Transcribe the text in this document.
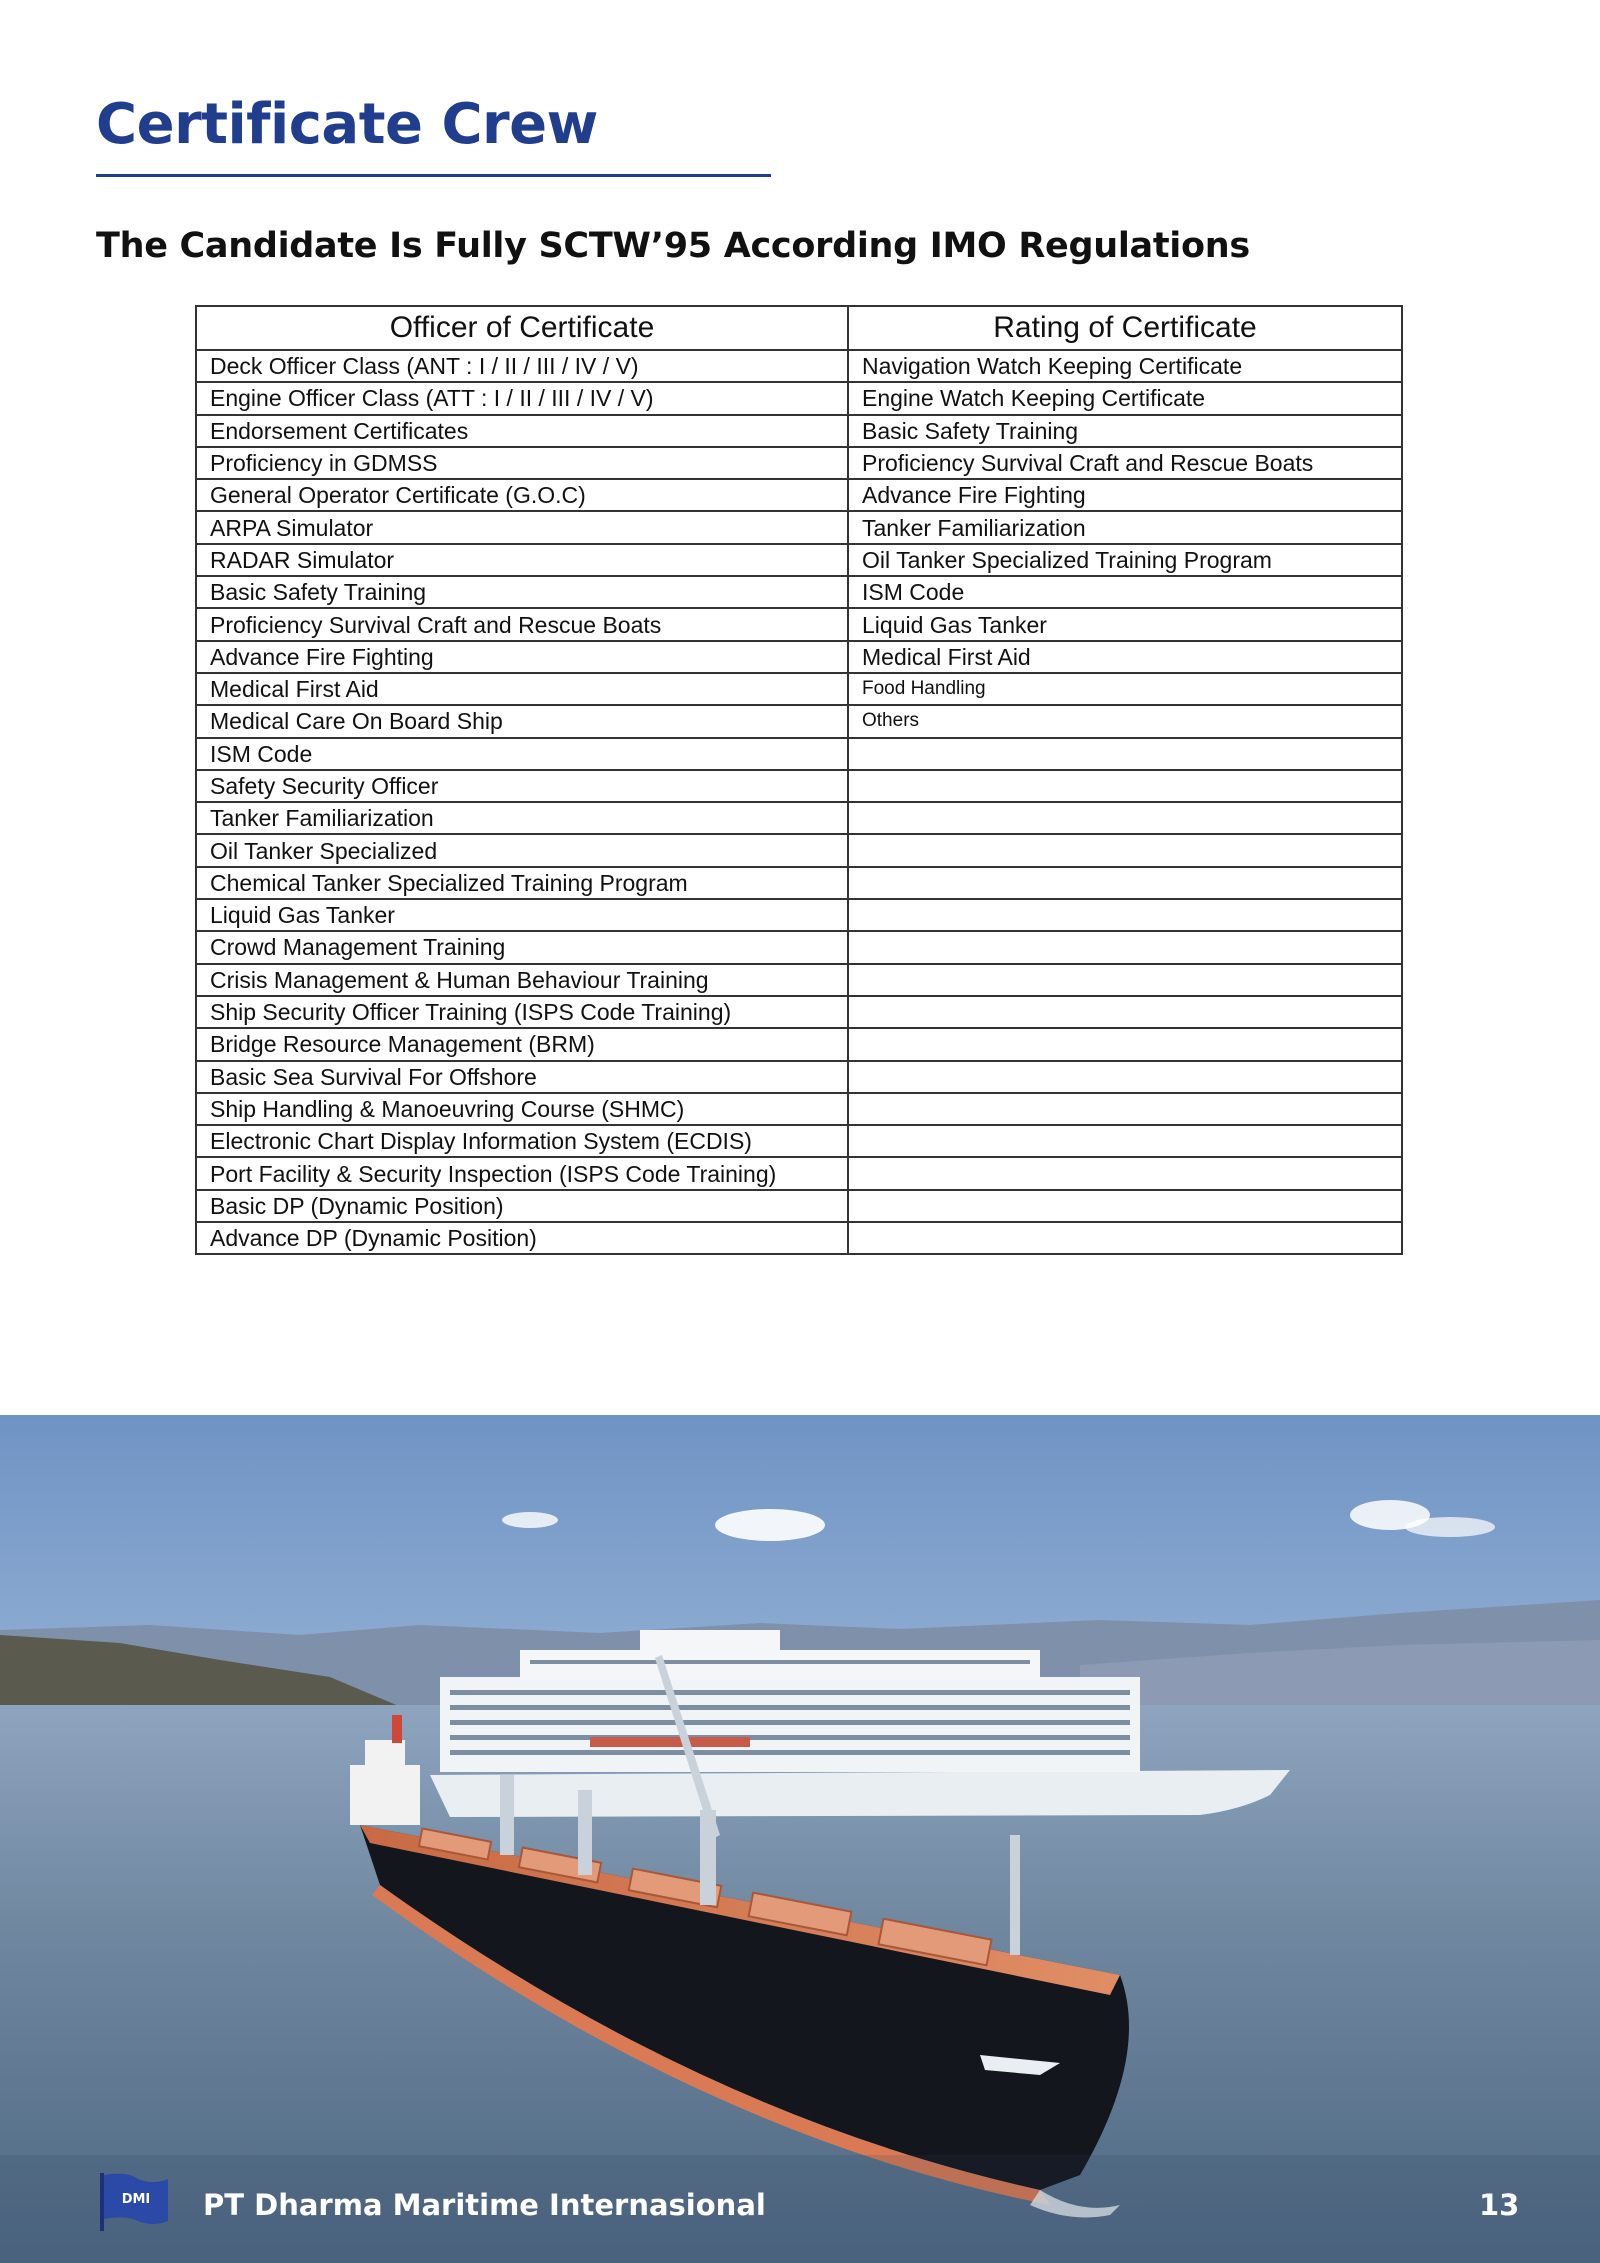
Certificate Crew
The Candidate Is Fully SCTW’95 According IMO Regulations
Officer of Certificate	Rating of Certificate
Deck Officer Class (ANT : I / II / III / IV / V)	Navigation Watch Keeping Certificate
Engine Officer Class (ATT : I / II / III / IV / V)	Engine Watch Keeping Certificate
Endorsement Certificates	Basic Safety Training
Proficiency in GDMSS	Proficiency Survival Craft and Rescue Boats
General Operator Certificate (G.O.C)	Advance Fire Fighting
ARPA Simulator	Tanker Familiarization
RADAR Simulator	Oil Tanker Specialized Training Program
Basic Safety Training	ISM Code
Proficiency Survival Craft and Rescue Boats	Liquid Gas Tanker
Advance Fire Fighting	Medical First Aid
Medical First Aid	Food Handling
Medical Care On Board Ship	Others
ISM Code	
Safety Security Officer	
Tanker Familiarization	
Oil Tanker Specialized	
Chemical Tanker Specialized Training Program	
Liquid Gas Tanker	
Crowd Management Training	
Crisis Management & Human Behaviour Training	
Ship Security Officer Training (ISPS Code Training)	
Bridge Resource Management (BRM)	
Basic Sea Survival For Offshore	
Ship Handling & Manoeuvring Course (SHMC)	
Electronic Chart Display Information System (ECDIS)	
Port Facility & Security Inspection (ISPS Code Training)	
Basic DP (Dynamic Position)	
Advance DP (Dynamic Position)	
DMI PT Dharma Maritime Internasional	13
